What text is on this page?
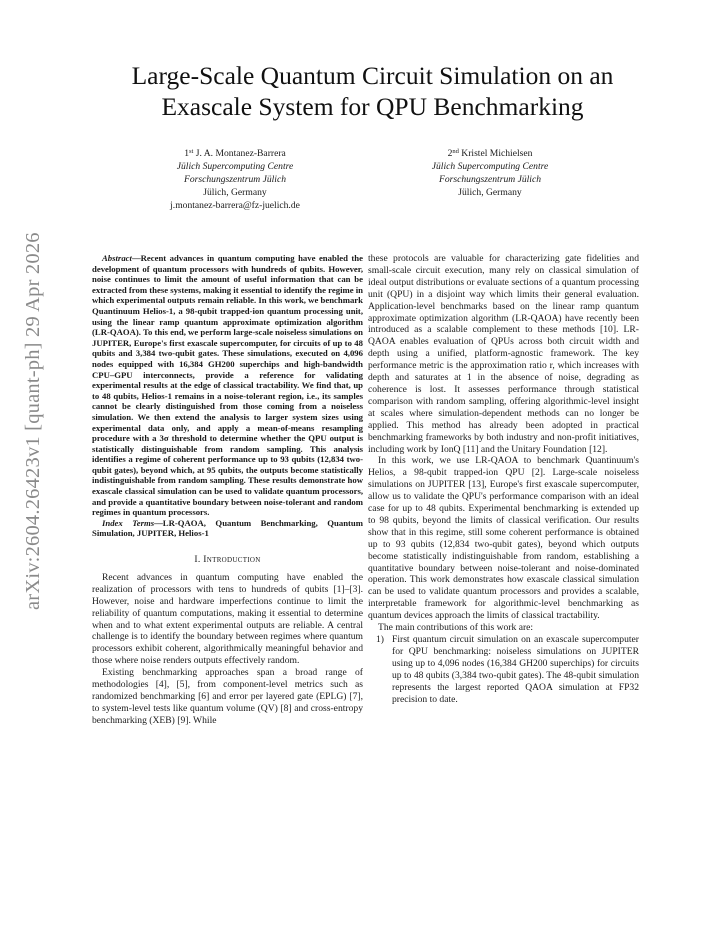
arXiv:2604.26423v1 [quant-ph] 29 Apr 2026
Large-Scale Quantum Circuit Simulation on an
Exascale System for QPU Benchmarking
1st J. A. Montanez-Barrera
Jülich Supercomputing Centre
Forschungszentrum Jülich
Jülich, Germany
j.montanez-barrera@fz-juelich.de
2nd Kristel Michielsen
Jülich Supercomputing Centre
Forschungszentrum Jülich
Jülich, Germany

Abstract—Recent advances in quantum computing have enabled the development of quantum processors with hundreds of qubits. However, noise continues to limit the amount of useful information that can be extracted from these systems, making it essential to identify the regime in which experimental outputs remain reliable. In this work, we benchmark Quantinuum Helios-1, a 98-qubit trapped-ion quantum processing unit, using the linear ramp quantum approximate optimization algorithm (LR-QAOA). To this end, we perform large-scale noiseless simulations on JUPITER, Europe's first exascale supercomputer, for circuits of up to 48 qubits and 3,384 two-qubit gates. These simulations, executed on 4,096 nodes equipped with 16,384 GH200 superchips and high-bandwidth CPU–GPU interconnects, provide a reference for validating experimental results at the edge of classical tractability. We find that, up to 48 qubits, Helios-1 remains in a noise-tolerant region, i.e., its samples cannot be clearly distinguished from those coming from a noiseless simulation. We then extend the analysis to larger system sizes using experimental data only, and apply a mean-of-means resampling procedure with a 3σ threshold to determine whether the QPU output is statistically distinguishable from random sampling. This analysis identifies a regime of coherent performance up to 93 qubits (12,834 two-qubit gates), beyond which, at 95 qubits, the outputs become statistically indistinguishable from random sampling. These results demonstrate how exascale classical simulation can be used to validate quantum processors, and provide a quantitative boundary between noise-tolerant and random regimes in quantum processors.

Index Terms—LR-QAOA, Quantum Benchmarking, Quantum Simulation, JUPITER, Helios-1

I. Introduction

Recent advances in quantum computing have enabled the realization of processors with tens to hundreds of qubits [1]–[3]. However, noise and hardware imperfections continue to limit the reliability of quantum computations, making it essential to determine when and to what extent experimental outputs are reliable. A central challenge is to identify the boundary between regimes where quantum processors exhibit coherent, algorithmically meaningful behavior and those where noise renders outputs effectively random.

Existing benchmarking approaches span a broad range of methodologies [4], [5], from component-level metrics such as randomized benchmarking [6] and error per layered gate (EPLG) [7], to system-level tests like quantum volume (QV) [8] and cross-entropy benchmarking (XEB) [9]. While

these protocols are valuable for characterizing gate fidelities and small-scale circuit execution, many rely on classical simulation of ideal output distributions or evaluate sections of a quantum processing unit (QPU) in a disjoint way which limits their general evaluation. Application-level benchmarks based on the linear ramp quantum approximate optimization algorithm (LR-QAOA) have recently been introduced as a scalable complement to these methods [10]. LR-QAOA enables evaluation of QPUs across both circuit width and depth using a unified, platform-agnostic framework. The key performance metric is the approximation ratio r, which increases with depth and saturates at 1 in the absence of noise, degrading as coherence is lost. It assesses performance through statistical comparison with random sampling, offering algorithmic-level insight at scales where simulation-dependent methods can no longer be applied. This method has already been adopted in practical benchmarking frameworks by both industry and non-profit initiatives, including work by IonQ [11] and the Unitary Foundation [12].

In this work, we use LR-QAOA to benchmark Quantinuum's Helios, a 98-qubit trapped-ion QPU [2]. Large-scale noiseless simulations on JUPITER [13], Europe's first exascale supercomputer, allow us to validate the QPU's performance comparison with an ideal case for up to 48 qubits. Experimental benchmarking is extended up to 98 qubits, beyond the limits of classical verification. Our results show that in this regime, still some coherent performance is obtained up to 93 qubits (12,834 two-qubit gates), beyond which outputs become statistically indistinguishable from random, establishing a quantitative boundary between noise-tolerant and noise-dominated operation. This work demonstrates how exascale classical simulation can be used to validate quantum processors and provides a scalable, interpretable framework for algorithmic-level benchmarking as quantum devices approach the limits of classical tractability.

The main contributions of this work are:

1) First quantum circuit simulation on an exascale supercomputer for QPU benchmarking: noiseless simulations on JUPITER using up to 4,096 nodes (16,384 GH200 superchips) for circuits up to 48 qubits (3,384 two-qubit gates). The 48-qubit simulation represents the largest reported QAOA simulation at FP32 precision to date.
